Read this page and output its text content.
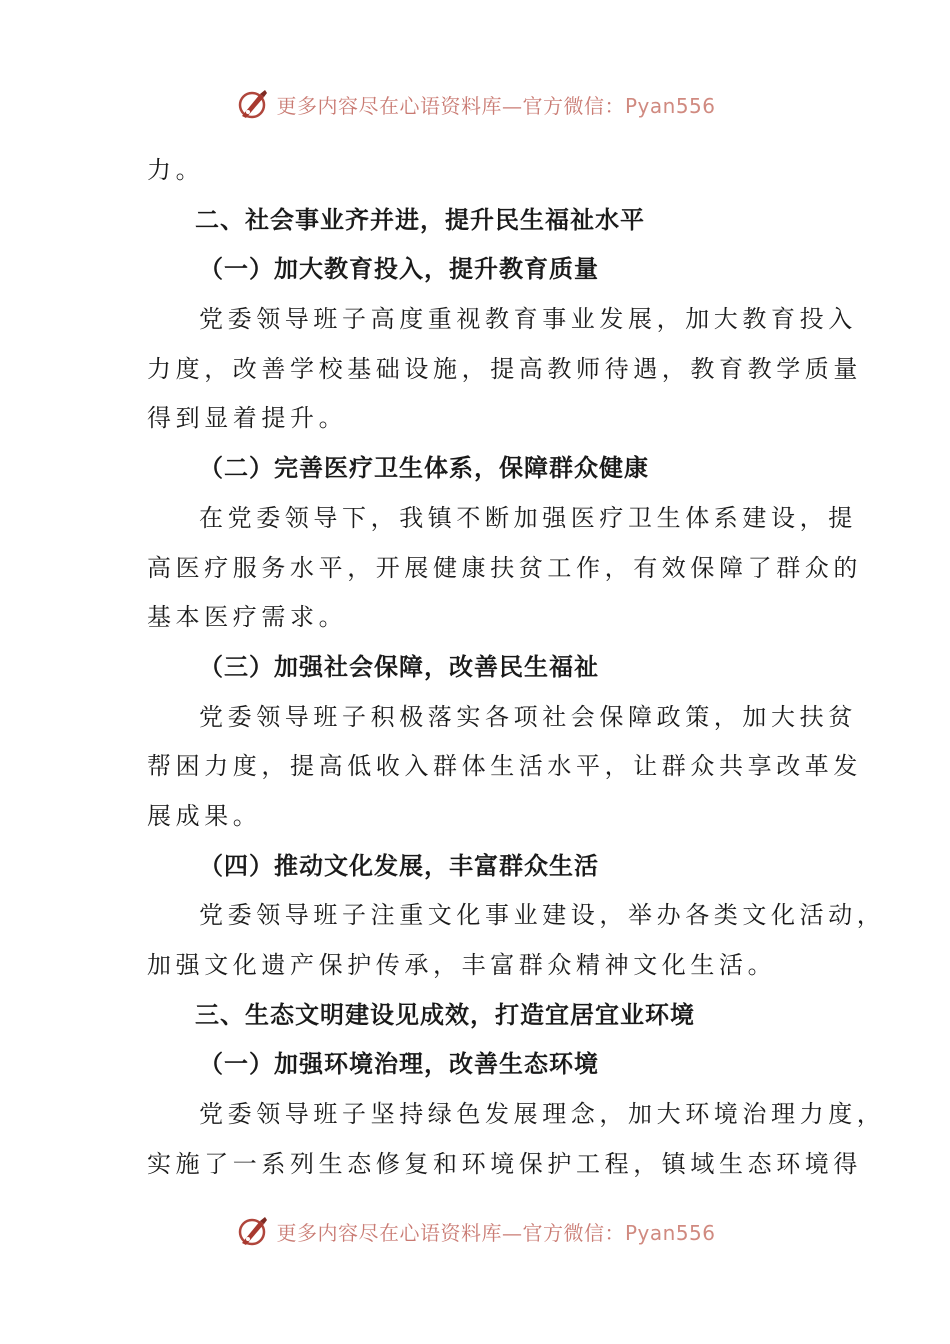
更多内容尽在心语资料库—官方微信：Pyan556
力。
二、社会事业齐并进，提升民生福祉水平
（一）加大教育投入，提升教育质量
党委领导班子高度重视教育事业发展，加大教育投入
力度，改善学校基础设施，提高教师待遇，教育教学质量
得到显着提升。
（二）完善医疗卫生体系，保障群众健康
在党委领导下，我镇不断加强医疗卫生体系建设，提
高医疗服务水平，开展健康扶贫工作，有效保障了群众的
基本医疗需求。
（三）加强社会保障，改善民生福祉
党委领导班子积极落实各项社会保障政策，加大扶贫
帮困力度，提高低收入群体生活水平，让群众共享改革发
展成果。
（四）推动文化发展，丰富群众生活
党委领导班子注重文化事业建设，举办各类文化活动，
加强文化遗产保护传承，丰富群众精神文化生活。
三、生态文明建设见成效，打造宜居宜业环境
（一）加强环境治理，改善生态环境
党委领导班子坚持绿色发展理念，加大环境治理力度，
实施了一系列生态修复和环境保护工程，镇域生态环境得
更多内容尽在心语资料库—官方微信：Pyan556
